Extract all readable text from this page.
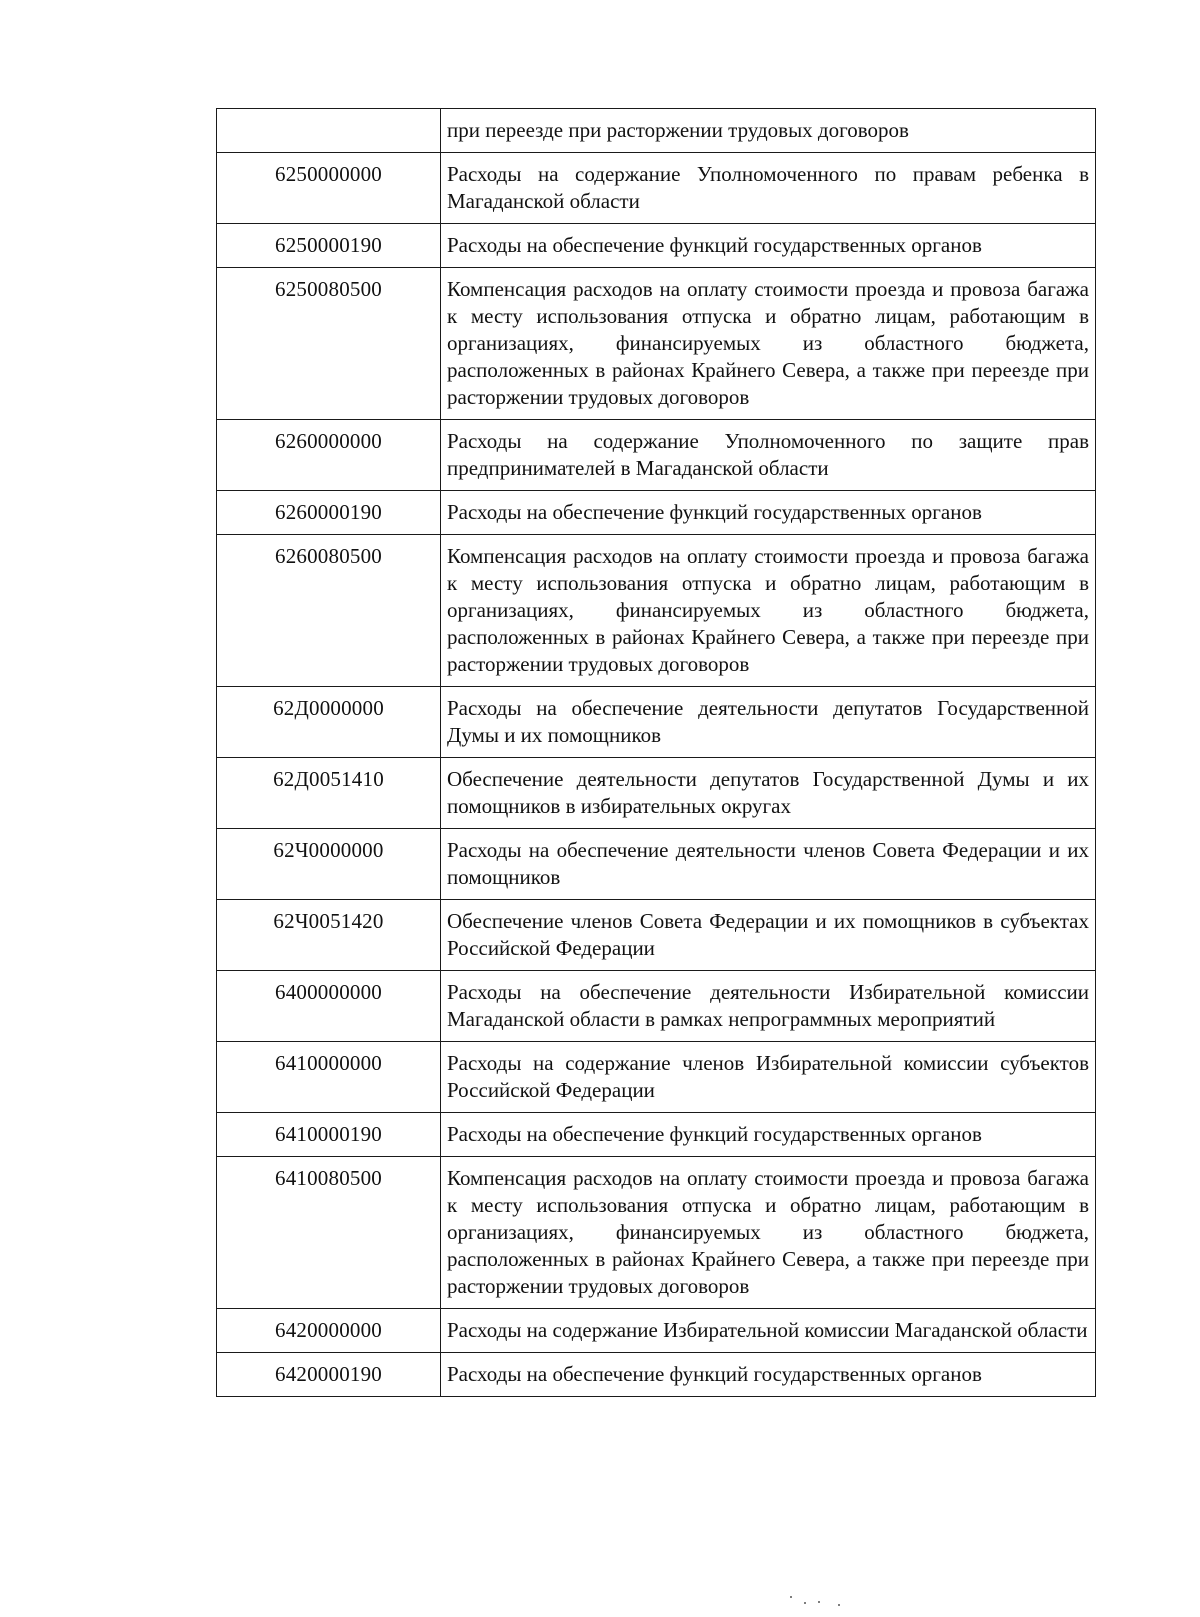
	при переезде при расторжении трудовых договоров
6250000000	Расходы на содержание Уполномоченного по правам ребенка в Магаданской области
6250000190	Расходы на обеспечение функций государственных органов
6250080500	Компенсация расходов на оплату стоимости проезда и провоза багажа к месту использования отпуска и обратно лицам, работающим в организациях, финансируемых из областного бюджета, расположенных в районах Крайнего Севера, а также при переезде при расторжении трудовых договоров
6260000000	Расходы на содержание Уполномоченного по защите прав предпринимателей в Магаданской области
6260000190	Расходы на обеспечение функций государственных органов
6260080500	Компенсация расходов на оплату стоимости проезда и провоза багажа к месту использования отпуска и обратно лицам, работающим в организациях, финансируемых из областного бюджета, расположенных в районах Крайнего Севера, а также при переезде при расторжении трудовых договоров
62Д0000000	Расходы на обеспечение деятельности депутатов Государственной Думы и их помощников
62Д0051410	Обеспечение деятельности депутатов Государственной Думы и их помощников в избирательных округах
62Ч0000000	Расходы на обеспечение деятельности членов Совета Федерации и их помощников
62Ч0051420	Обеспечение членов Совета Федерации и их помощников в субъектах Российской Федерации
6400000000	Расходы на обеспечение деятельности Избирательной комиссии Магаданской области в рамках непрограммных мероприятий
6410000000	Расходы на содержание членов Избирательной комиссии субъектов Российской Федерации
6410000190	Расходы на обеспечение функций государственных органов
6410080500	Компенсация расходов на оплату стоимости проезда и провоза багажа к месту использования отпуска и обратно лицам, работающим в организациях, финансируемых из областного бюджета, расположенных в районах Крайнего Севера, а также при переезде при расторжении трудовых договоров
6420000000	Расходы на содержание Избирательной комиссии Магаданской области
6420000190	Расходы на обеспечение функций государственных органов
